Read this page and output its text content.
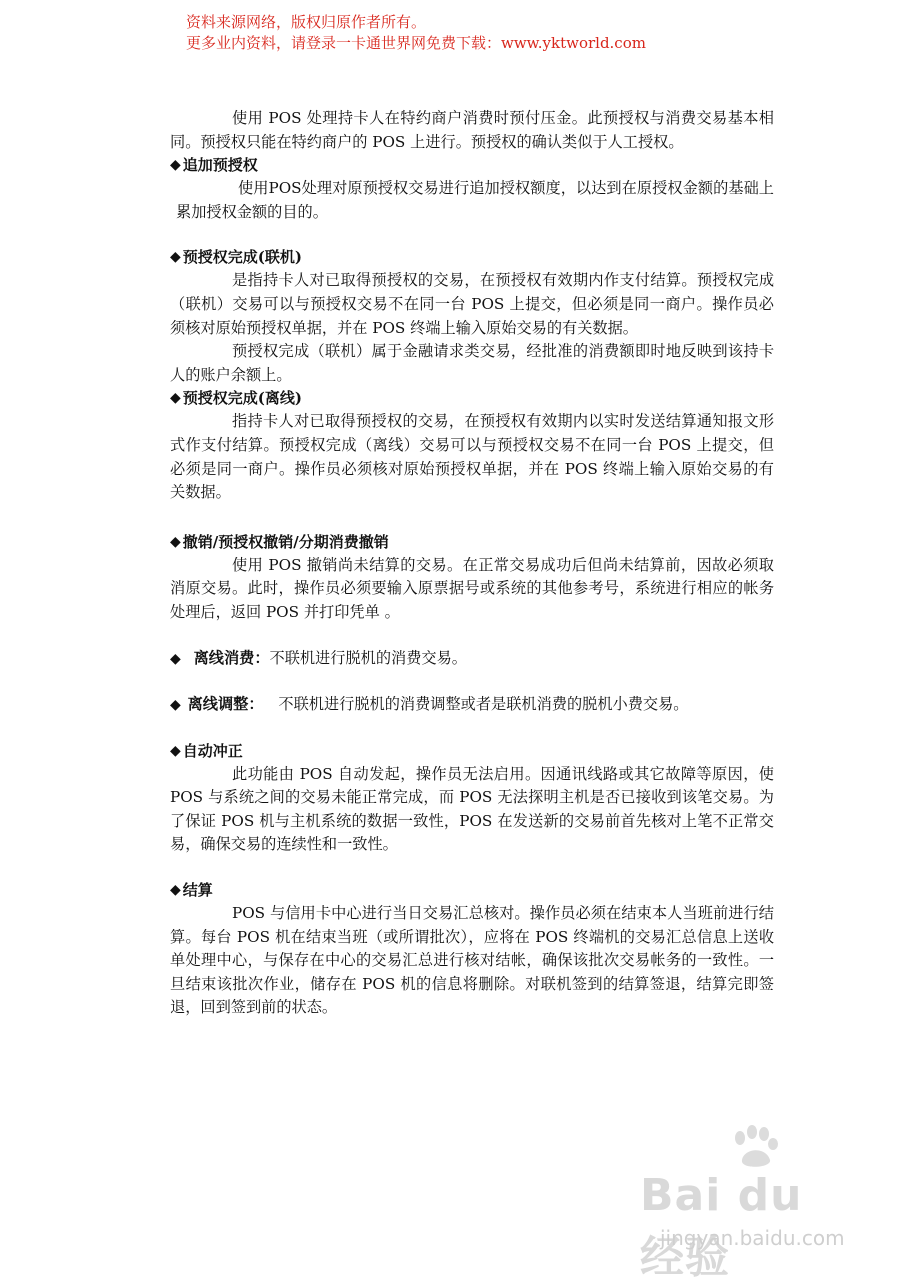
资料来源网络，版权归原作者所有。
更多业内资料，请登录一卡通世界网免费下载：www.yktworld.com

使用 POS 处理持卡人在特约商户消费时预付压金。此预授权与消费交易基本相同。预授权只能在特约商户的 POS 上进行。预授权的确认类似于人工授权。

◆ 追加预授权

使用POS处理对原预授权交易进行追加授权额度，以达到在原授权金额的基础上累加授权金额的目的。

◆ 预授权完成(联机)

是指持卡人对已取得预授权的交易，在预授权有效期内作支付结算。预授权完成（联机）交易可以与预授权交易不在同一台 POS 上提交，但必须是同一商户。操作员必须核对原始预授权单据，并在 POS 终端上输入原始交易的有关数据。

预授权完成（联机）属于金融请求类交易，经批准的消费额即时地反映到该持卡人的账户余额上。

◆ 预授权完成(离线)

指持卡人对已取得预授权的交易，在预授权有效期内以实时发送结算通知报文形式作支付结算。预授权完成（离线）交易可以与预授权交易不在同一台 POS 上提交，但必须是同一商户。操作员必须核对原始预授权单据，并在 POS 终端上输入原始交易的有关数据。

◆ 撤销/预授权撤销/分期消费撤销

使用 POS 撤销尚未结算的交易。在正常交易成功后但尚未结算前，因故必须取消原交易。此时，操作员必须要输入原票据号或系统的其他参考号，系统进行相应的帐务处理后，返回 POS 并打印凭单 。

◆ 离线消费：不联机进行脱机的消费交易。

◆ 离线调整： 不联机进行脱机的消费调整或者是联机消费的脱机小费交易。

◆ 自动冲正

此功能由 POS 自动发起，操作员无法启用。因通讯线路或其它故障等原因，使 POS 与系统之间的交易未能正常完成，而 POS 无法探明主机是否已接收到该笔交易。为了保证 POS 机与主机系统的数据一致性，POS 在发送新的交易前首先核对上笔不正常交易，确保交易的连续性和一致性。

◆ 结算

POS 与信用卡中心进行当日交易汇总核对。操作员必须在结束本人当班前进行结算。每台 POS 机在结束当班（或所谓批次），应将在 POS 终端机的交易汇总信息上送收单处理中心，与保存在中心的交易汇总进行核对结帐，确保该批次交易帐务的一致性。一旦结束该批次作业，储存在 POS 机的信息将删除。对联机签到的结算签退，结算完即签退，回到签到前的状态。

Bai du 经验
jingyan.baidu.com
